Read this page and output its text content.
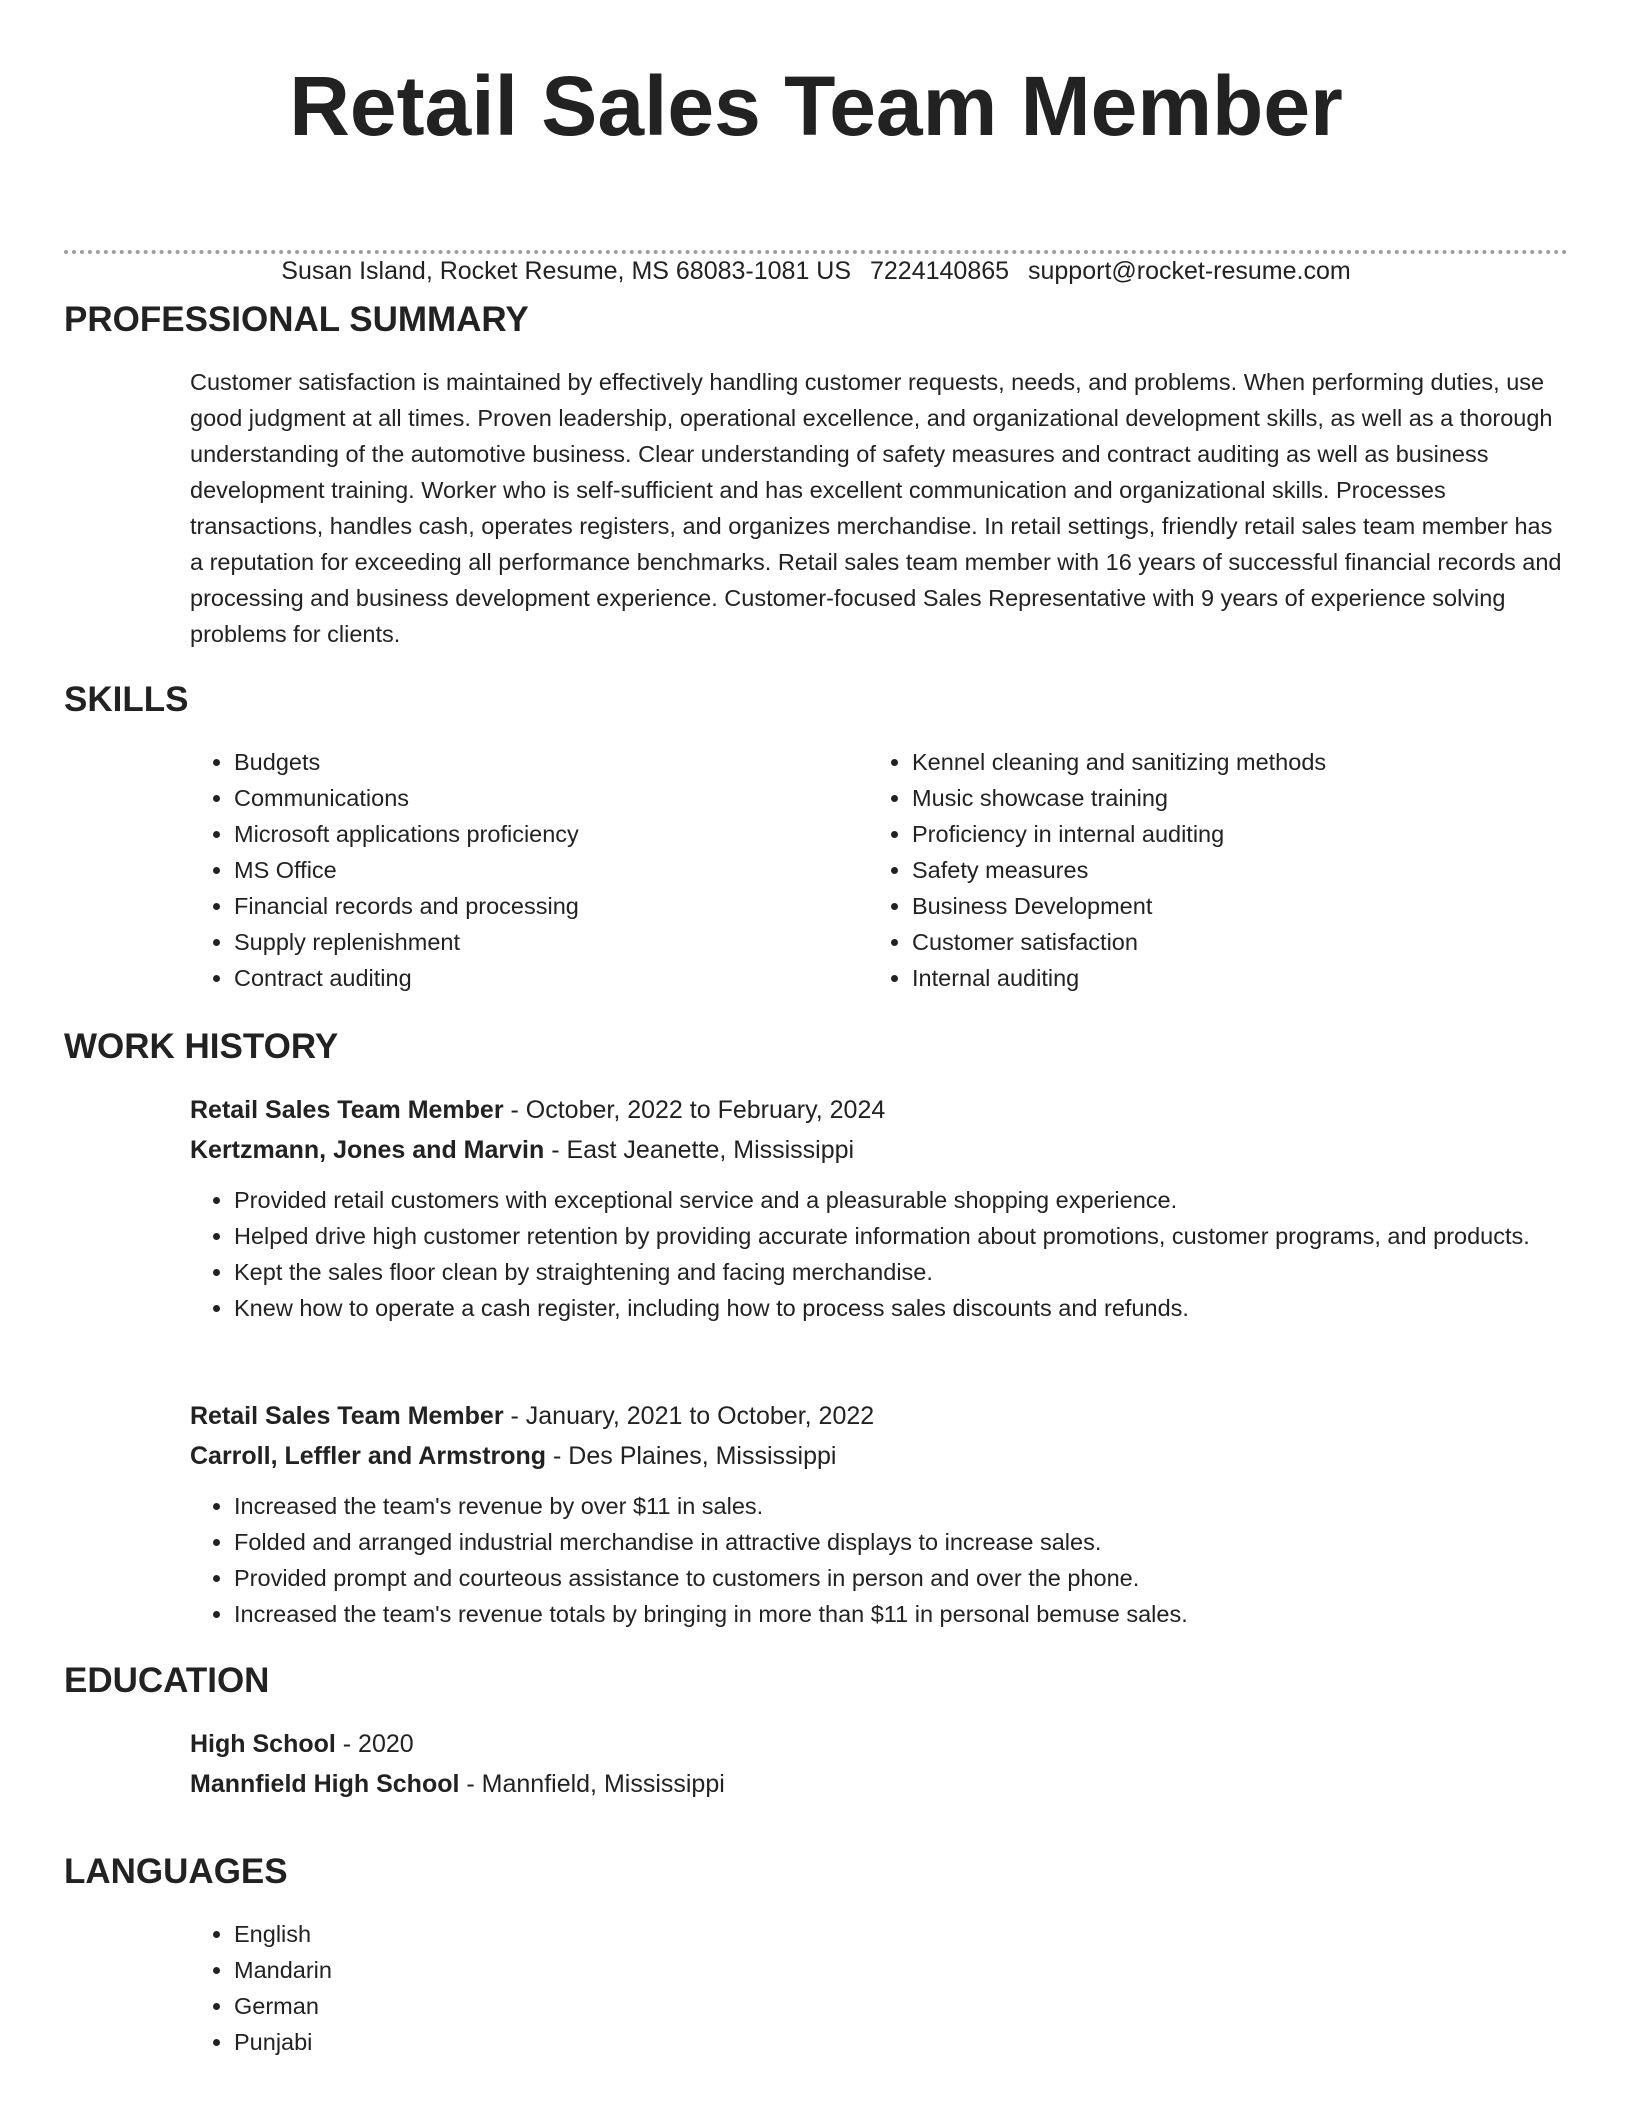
Retail Sales Team Member
Susan Island, Rocket Resume, MS 68083-1081 US 7224140865 support@rocket-resume.com
PROFESSIONAL SUMMARY

Customer satisfaction is maintained by effectively handling customer requests, needs, and problems. When performing duties, use good judgment at all times. Proven leadership, operational excellence, and organizational development skills, as well as a thorough understanding of the automotive business. Clear understanding of safety measures and contract auditing as well as business development training. Worker who is self-sufficient and has excellent communication and organizational skills. Processes transactions, handles cash, operates registers, and organizes merchandise. In retail settings, friendly retail sales team member has a reputation for exceeding all performance benchmarks. Retail sales team member with 16 years of successful financial records and processing and business development experience. Customer-focused Sales Representative with 9 years of experience solving problems for clients.

SKILLS
• Budgets
• Communications
• Microsoft applications proficiency
• MS Office
• Financial records and processing
• Supply replenishment
• Contract auditing
• Kennel cleaning and sanitizing methods
• Music showcase training
• Proficiency in internal auditing
• Safety measures
• Business Development
• Customer satisfaction
• Internal auditing
WORK HISTORY

Retail Sales Team Member - October, 2022 to February, 2024

Kertzmann, Jones and Marvin - East Jeanette, Mississippi

• Provided retail customers with exceptional service and a pleasurable shopping experience.
• Helped drive high customer retention by providing accurate information about promotions, customer programs, and products.
• Kept the sales floor clean by straightening and facing merchandise.
• Knew how to operate a cash register, including how to process sales discounts and refunds.

Retail Sales Team Member - January, 2021 to October, 2022

Carroll, Leffler and Armstrong - Des Plaines, Mississippi

• Increased the team's revenue by over $11 in sales.
• Folded and arranged industrial merchandise in attractive displays to increase sales.
• Provided prompt and courteous assistance to customers in person and over the phone.
• Increased the team's revenue totals by bringing in more than $11 in personal bemuse sales.
EDUCATION

High School - 2020

Mannfield High School - Mannfield, Mississippi

LANGUAGES
• English
• Mandarin
• German
• Punjabi
